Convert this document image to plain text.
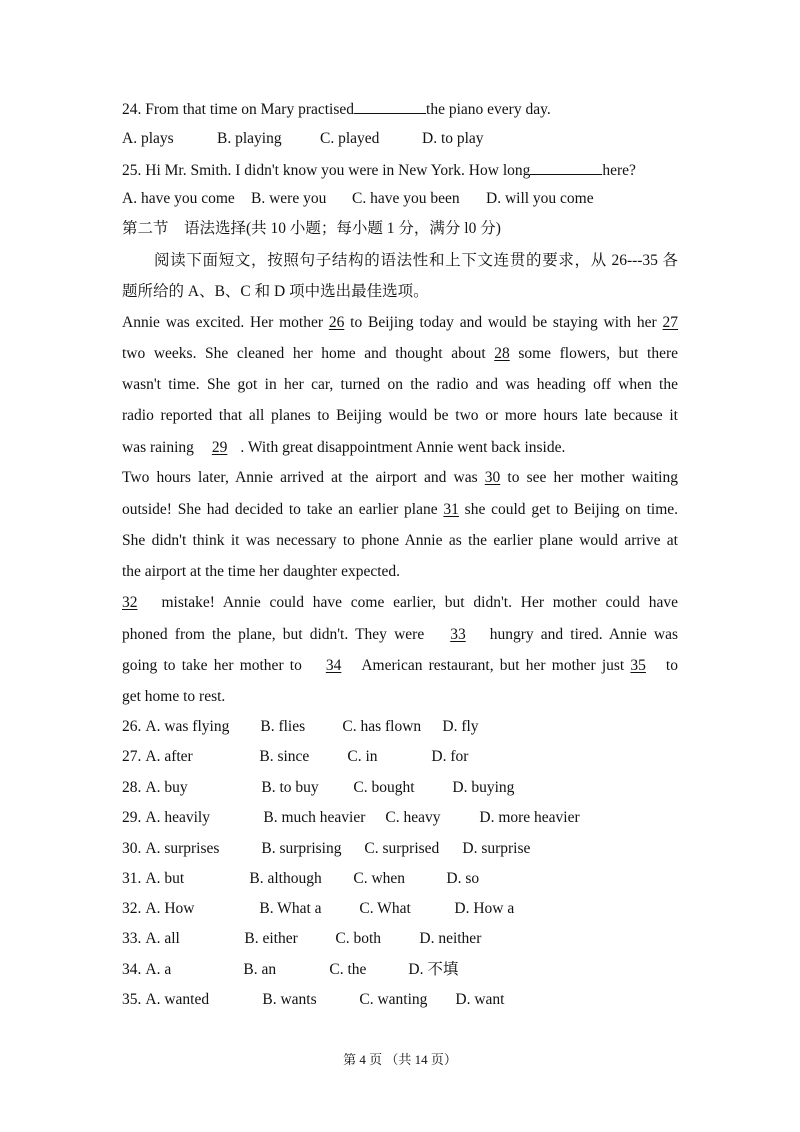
24. From that time on Mary practised	the piano every day.
A. plays	B. playing C. played	D. to play
25. Hi Mr. Smith. I didn't know you were in New York. How long	here?
A. have you come B. were you C. have you been D. will you come
第二节　语法选择(共 10 小题；每小题 1 分，满分 l0 分)
阅读下面短文，按照句子结构的语法性和上下文连贯的要求，从 26---35 各
题所给的 A、B、C 和 D 项中选出最佳选项。
Annie was excited. Her mother 26 to Beijing today and would be staying with her 27
two weeks. She cleaned her home and thought about 28 some flowers, but there
wasn't time. She got in her car, turned on the radio and was heading off when the
radio reported that all planes to Beijing would be two or more hours late because it
was raining 29 . With great disappointment Annie went back inside.
Two hours later, Annie arrived at the airport and was 30 to see her mother waiting
outside! She had decided to take an earlier plane 31 she could get to Beijing on time.
She didn't think it was necessary to phone Annie as the earlier plane would arrive at
the airport at the time her daughter expected.
32 mistake! Annie could have come earlier, but didn't. Her mother could have
phoned from the plane, but didn't. They were 33 hungry and tired. Annie was
going to take her mother to 34 American restaurant, but her mother just 35 to
get home to rest.
26. A. was flying B. flies C. has flown D. fly
27. A. after	B. since C. in	D. for
28. A. buy	B. to buy C. bought D. buying
29. A. heavily	B. much heavier C. heavy	D. more heavier
30. A. surprises	B. surprising C. surprised D. surprise
31. A. but	B. although C. when	D. so
32. A. How	B. What a C. What	D. How a
33. A. all	B. either C. both D. neither
34. A. a	B. an	C. the	D. 不填
35. A. wanted	B. wants	C. wanting D. want
第 4 页 （共 14 页）
